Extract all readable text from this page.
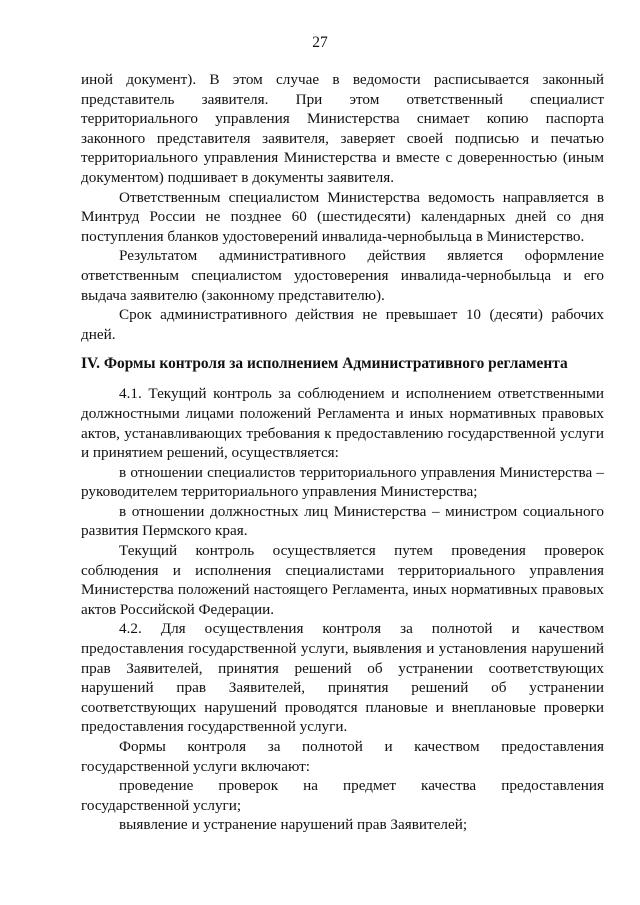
27

иной документ). В этом случае в ведомости расписывается законный представитель заявителя. При этом ответственный специалист территориального управления Министерства снимает копию паспорта законного представителя заявителя, заверяет своей подписью и печатью территориального управления Министерства и вместе с доверенностью (иным документом) подшивает в документы заявителя.

Ответственным специалистом Министерства ведомость направляется в Минтруд России не позднее 60 (шестидесяти) календарных дней со дня поступления бланков удостоверений инвалида-чернобыльца в Министерство.

Результатом административного действия является оформление ответственным специалистом удостоверения инвалида-чернобыльца и его выдача заявителю (законному представителю).

Срок административного действия не превышает 10 (десяти) рабочих дней.

IV. Формы контроля за исполнением Административного регламента

4.1. Текущий контроль за соблюдением и исполнением ответственными должностными лицами положений Регламента и иных нормативных правовых актов, устанавливающих требования к предоставлению государственной услуги и принятием решений, осуществляется:

в отношении специалистов территориального управления Министерства – руководителем территориального управления Министерства;

в отношении должностных лиц Министерства – министром социального развития Пермского края.

Текущий контроль осуществляется путем проведения проверок соблюдения и исполнения специалистами территориального управления Министерства положений настоящего Регламента, иных нормативных правовых актов Российской Федерации.

4.2. Для осуществления контроля за полнотой и качеством предоставления государственной услуги, выявления и установления нарушений прав Заявителей, принятия решений об устранении соответствующих нарушений прав Заявителей, принятия решений об устранении соответствующих нарушений проводятся плановые и внеплановые проверки предоставления государственной услуги.

Формы контроля за полнотой и качеством предоставления государственной услуги включают:

проведение проверок на предмет качества предоставления государственной услуги;

выявление и устранение нарушений прав Заявителей;
